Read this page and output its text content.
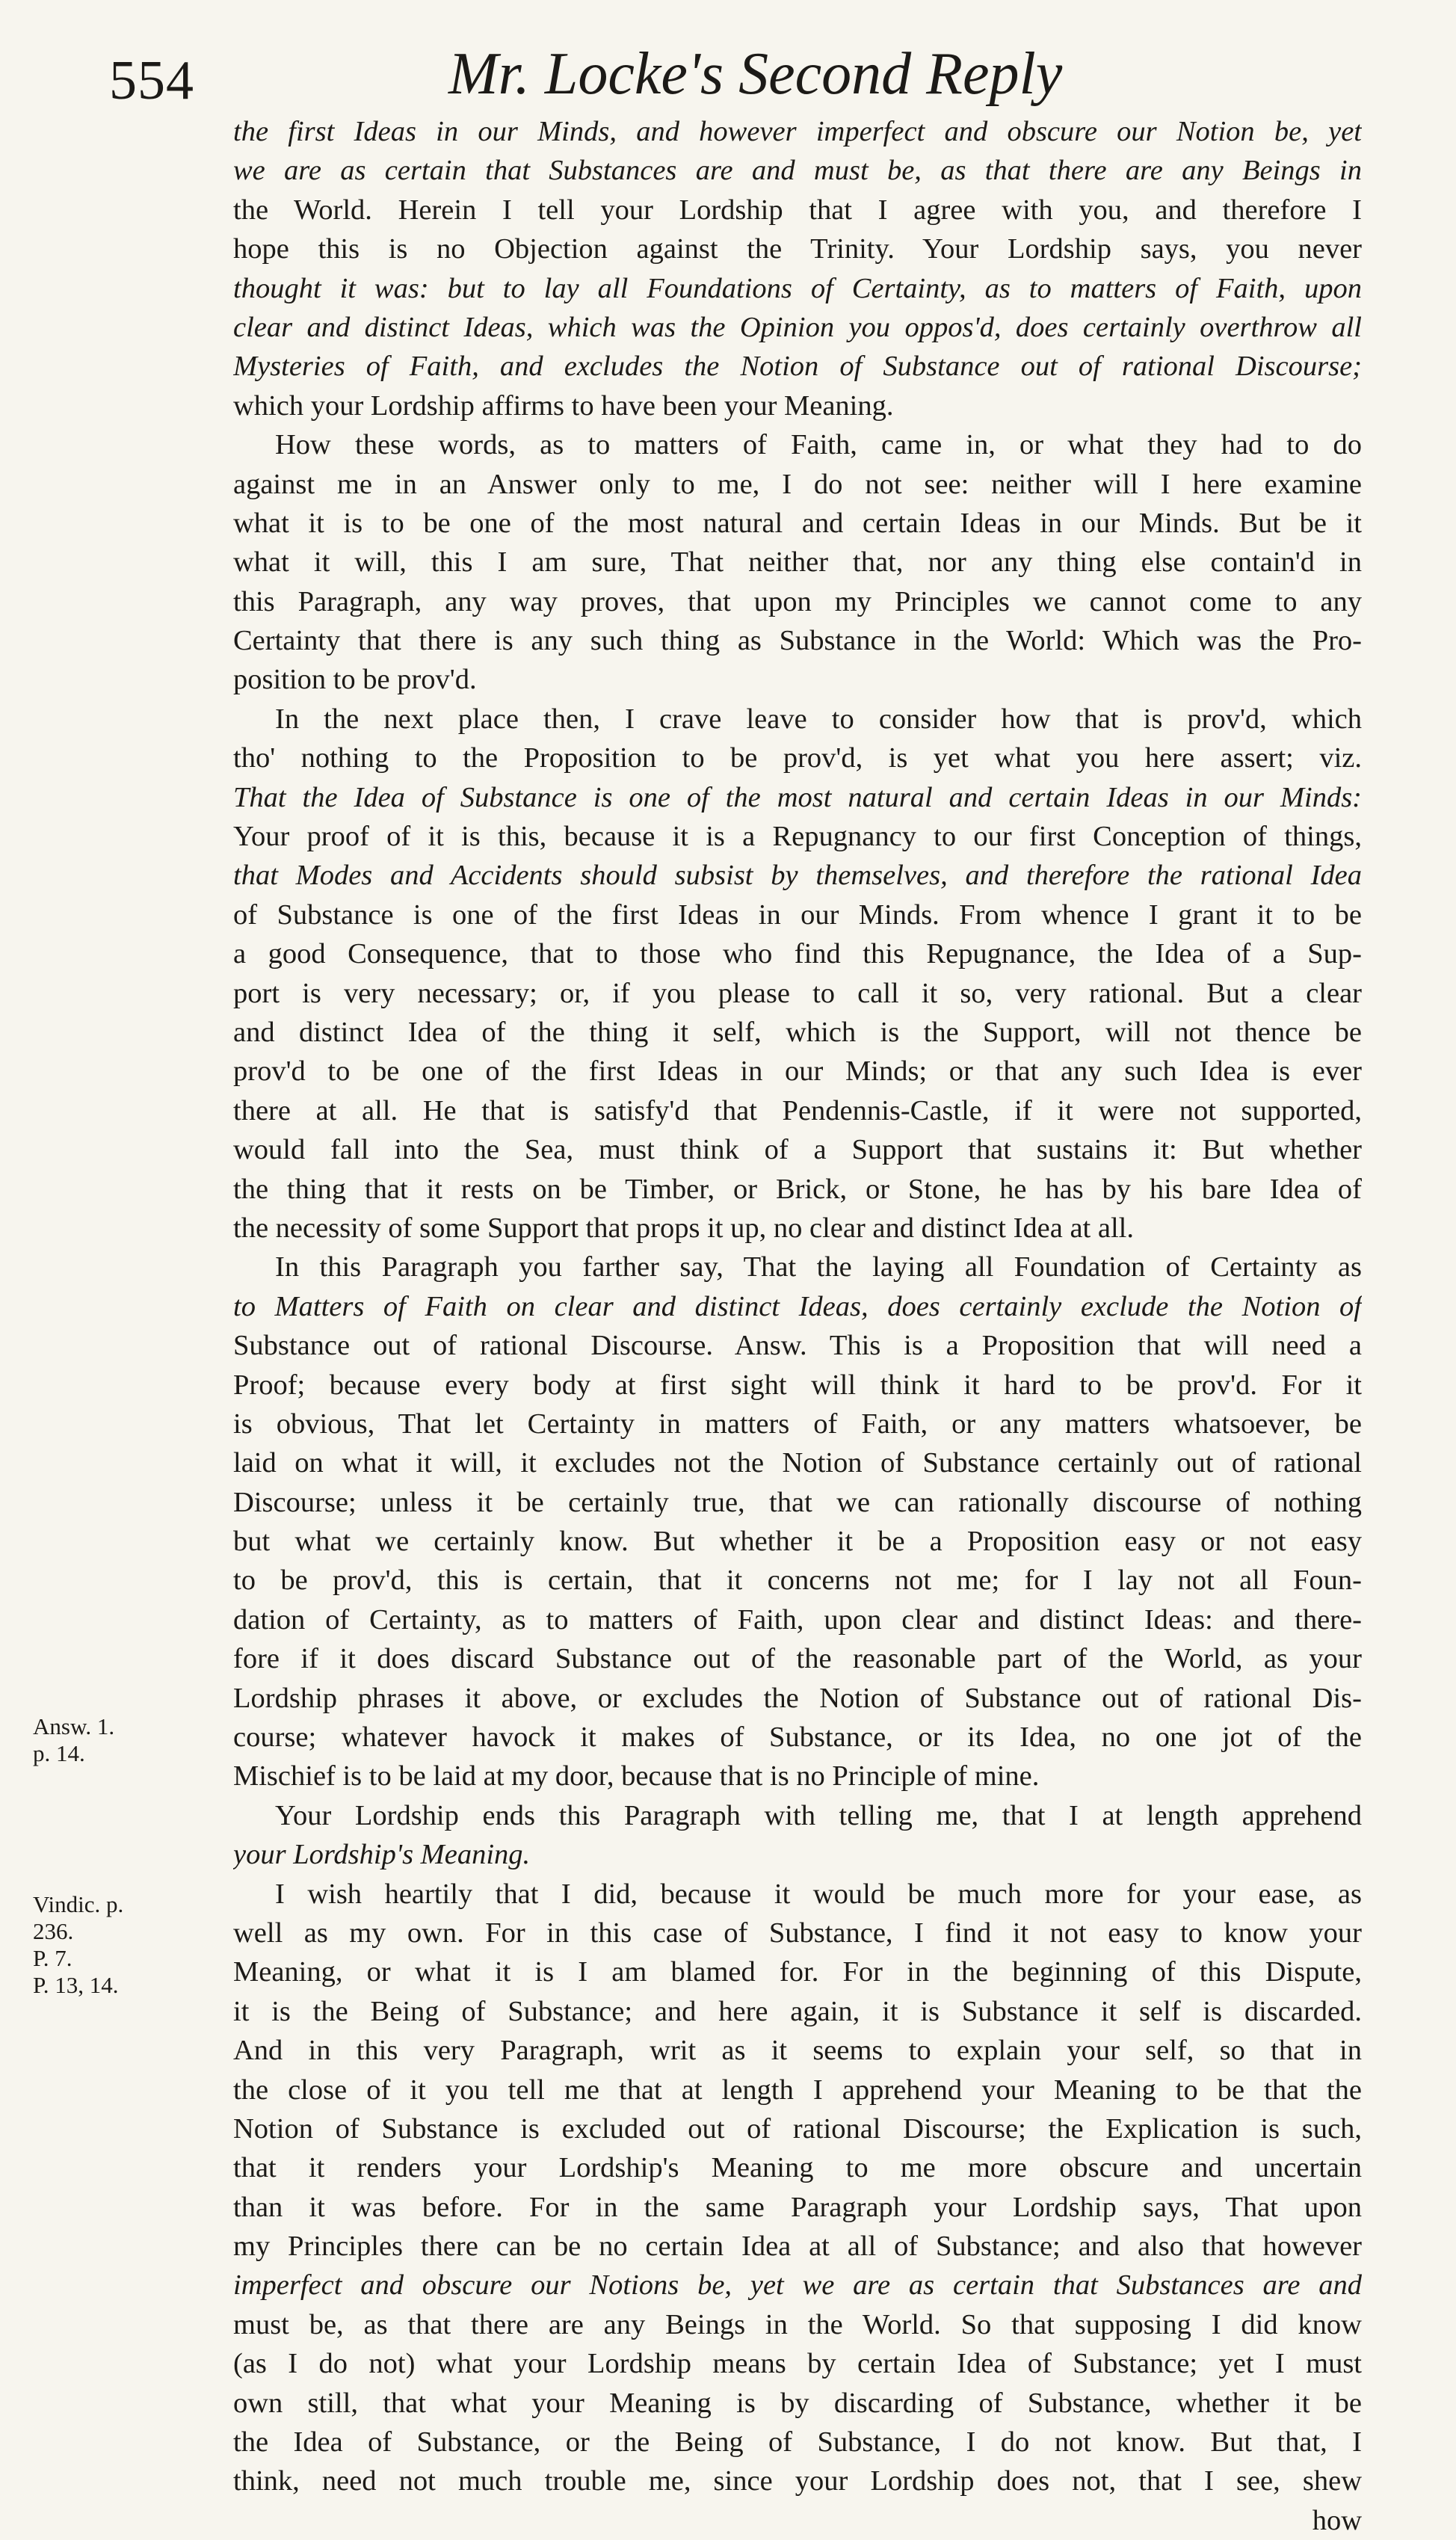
554	Mr. Locke's Second Reply
the first Ideas in our Minds, and however imperfect and obscure our Notion be, yet
we are as certain that Substances are and must be, as that there are any Beings in
the World. Herein I tell your Lordship that I agree with you, and therefore I
hope this is no Objection against the Trinity. Your Lordship says, you never
thought it was: but to lay all Foundations of Certainty, as to matters of Faith, upon
clear and distinct Ideas, which was the Opinion you oppos'd, does certainly overthrow all
Mysteries of Faith, and excludes the Notion of Substance out of rational Discourse;
which your Lordship affirms to have been your Meaning.
How these words, as to matters of Faith, came in, or what they had to do
against me in an Answer only to me, I do not see: neither will I here examine
what it is to be one of the most natural and certain Ideas in our Minds. But be it
what it will, this I am sure, That neither that, nor any thing else contain'd in
this Paragraph, any way proves, that upon my Principles we cannot come to any
Certainty that there is any such thing as Substance in the World: Which was the Pro-
position to be prov'd.
In the next place then, I crave leave to consider how that is prov'd, which
tho' nothing to the Proposition to be prov'd, is yet what you here assert; viz.
That the Idea of Substance is one of the most natural and certain Ideas in our Minds:
Your proof of it is this, because it is a Repugnancy to our first Conception of things,
that Modes and Accidents should subsist by themselves, and therefore the rational Idea
of Substance is one of the first Ideas in our Minds. From whence I grant it to be
a good Consequence, that to those who find this Repugnance, the Idea of a Sup-
port is very necessary; or, if you please to call it so, very rational. But a clear
and distinct Idea of the thing it self, which is the Support, will not thence be
prov'd to be one of the first Ideas in our Minds; or that any such Idea is ever
there at all. He that is satisfy'd that Pendennis-Castle, if it were not supported,
would fall into the Sea, must think of a Support that sustains it: But whether
the thing that it rests on be Timber, or Brick, or Stone, he has by his bare Idea of
the necessity of some Support that props it up, no clear and distinct Idea at all.
In this Paragraph you farther say, That the laying all Foundation of Certainty as
to Matters of Faith on clear and distinct Ideas, does certainly exclude the Notion of
Substance out of rational Discourse. Answ. This is a Proposition that will need a
Proof; because every body at first sight will think it hard to be prov'd. For it
is obvious, That let Certainty in matters of Faith, or any matters whatsoever, be
laid on what it will, it excludes not the Notion of Substance certainly out of rational
Discourse; unless it be certainly true, that we can rationally discourse of nothing
but what we certainly know. But whether it be a Proposition easy or not easy
to be prov'd, this is certain, that it concerns not me; for I lay not all Foun-
dation of Certainty, as to matters of Faith, upon clear and distinct Ideas: and there-
fore if it does discard Substance out of the reasonable part of the World, as your
Lordship phrases it above, or excludes the Notion of Substance out of rational Dis-
course; whatever havock it makes of Substance, or its Idea, no one jot of the
Mischief is to be laid at my door, because that is no Principle of mine.
Your Lordship ends this Paragraph with telling me, that I at length apprehend
your Lordship's Meaning.
I wish heartily that I did, because it would be much more for your ease, as
well as my own. For in this case of Substance, I find it not easy to know your
Meaning, or what it is I am blamed for. For in the beginning of this Dispute,
it is the Being of Substance; and here again, it is Substance it self is discarded.
And in this very Paragraph, writ as it seems to explain your self, so that in
the close of it you tell me that at length I apprehend your Meaning to be that the
Notion of Substance is excluded out of rational Discourse; the Explication is such,
that it renders your Lordship's Meaning to me more obscure and uncertain
than it was before. For in the same Paragraph your Lordship says, That upon
my Principles there can be no certain Idea at all of Substance; and also that however
imperfect and obscure our Notions be, yet we are as certain that Substances are and
must be, as that there are any Beings in the World. So that supposing I did know
(as I do not) what your Lordship means by certain Idea of Substance; yet I must
own still, that what your Meaning is by discarding of Substance, whether it be
the Idea of Substance, or the Being of Substance, I do not know. But that, I
think, need not much trouble me, since your Lordship does not, that I see, shew
how
Answ. 1.
p. 14.
Vindic. p.
236.
P. 7.
P. 13, 14.
